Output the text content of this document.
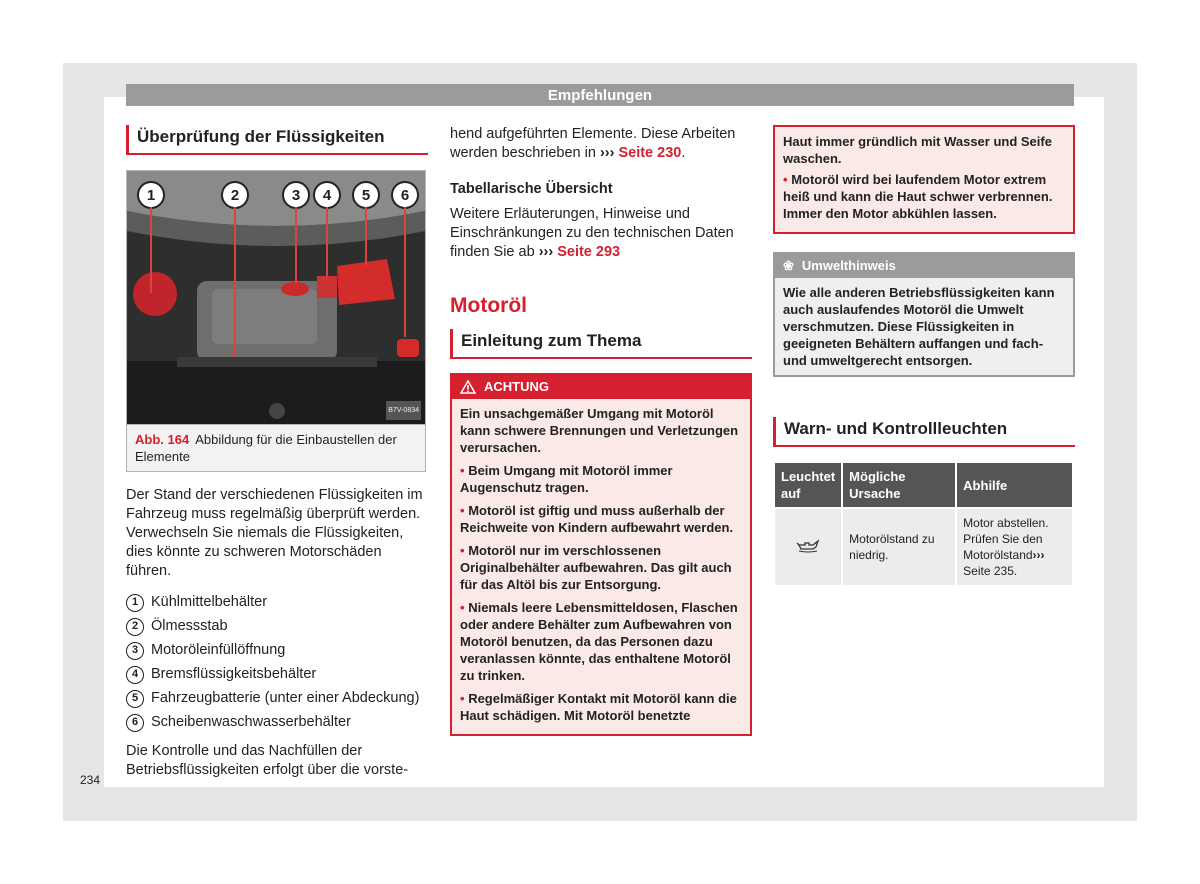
Empfehlungen
Überprüfung der Flüssigkeiten
1	2	3	4	5	6
B7V-0834
Abb. 164 Abbildung für die Einbaustellen der Elemente

Der Stand der verschiedenen Flüssigkeiten im Fahrzeug muss regelmäßig überprüft werden. Verwechseln Sie niemals die Flüssigkeiten, dies könnte zu schweren Motorschäden führen.

1 Kühlmittelbehälter
2 Ölmessstab
3 Motoröleinfüllöffnung
4 Bremsflüssigkeitsbehälter
5 Fahrzeugbatterie (unter einer Abdeckung)
6 Scheibenwaschwasserbehälter

Die Kontrolle und das Nachfüllen der Betriebsflüssigkeiten erfolgt über die vorste-

hend aufgeführten Elemente. Diese Arbeiten werden beschrieben in ››› Seite 230.

Tabellarische Übersicht

Weitere Erläuterungen, Hinweise und Einschränkungen zu den technischen Daten finden Sie ab ››› Seite 293

Motoröl
Einleitung zum Thema
ACHTUNG

Ein unsachgemäßer Umgang mit Motoröl kann schwere Brennungen und Verletzungen verursachen.

• Beim Umgang mit Motoröl immer Augenschutz tragen.

• Motoröl ist giftig und muss außerhalb der Reichweite von Kindern aufbewahrt werden.

• Motoröl nur im verschlossenen Originalbehälter aufbewahren. Das gilt auch für das Altöl bis zur Entsorgung.

• Niemals leere Lebensmitteldosen, Flaschen oder andere Behälter zum Aufbewahren von Motoröl benutzen, da das Personen dazu veranlassen könnte, das enthaltene Motoröl zu trinken.

• Regelmäßiger Kontakt mit Motoröl kann die Haut schädigen. Mit Motoröl benetzte

Haut immer gründlich mit Wasser und Seife waschen.

• Motoröl wird bei laufendem Motor extrem heiß und kann die Haut schwer verbrennen. Immer den Motor abkühlen lassen.

❀ Umwelthinweis
Wie alle anderen Betriebsflüssigkeiten kann auch auslaufendes Motoröl die Umwelt verschmutzen. Diese Flüssigkeiten in geeigneten Behältern auffangen und fach- und umweltgerecht entsorgen.
Warn- und Kontrollleuchten
Leuchtet auf	Mögliche Ursache	Abhilfe
	Motorölstand zu niedrig.	Motor abstellen. Prüfen Sie den Motorölstand››› Seite 235.
234
